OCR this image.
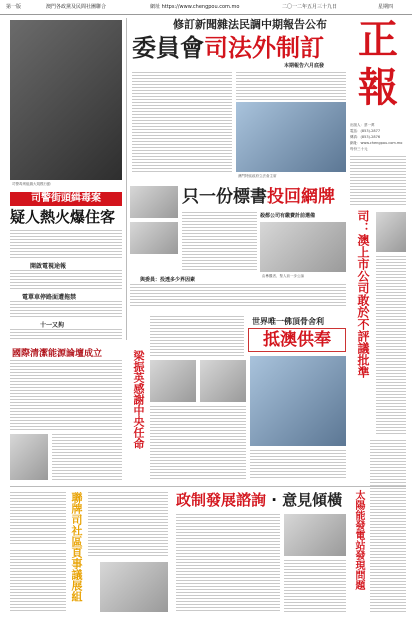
第一版	澳門各政黨及民間社團聯合	網址 https://www.chengpou.com.mo	二〇一二年五月三十九日	星期四
司警毒刑組織大規模行動
司警街頭緝毒案
疑人熱火爆住客
開啟電視途報
電單車停路面遭拖禁
十一又拘
修訂新聞雜法民調中期報告公布
委員會司法外制訂
本期報告六月底發
澳門特區政府立法會主席
正
報
出版人：蔡一萬
電話：(853)-2877
傳真：(853)-2876
網址：www.chengpou.com.mo
每份三十元
只一份標書投回網牌
殺都公司有繳費計前選備
由參觀者、聖人前一步公論
與委員：投透多少界因素	司：澳上市公司敢於不評議批準
國際清潔能源論壇成立	梁振英感謝中央任命
世界唯一佛頂骨舍利
抵澳供奉
聯牌司社區頁事議展組	政制發展諮詢 · 意見傾橫	太陽能發電站發現問題
